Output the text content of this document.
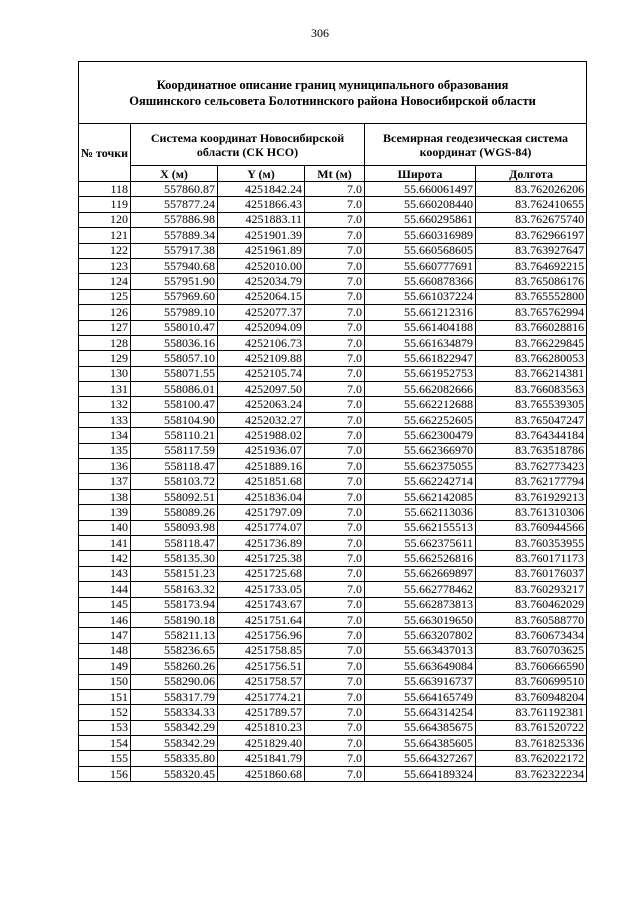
306
Координатное описание границ муниципального образования
Ояшинского сельсовета Болотнинского района Новосибирской области					

№ точки	Система координат Новосибирской области (СК НСО)			Всемирная геодезическая система координат (WGS-84)	
	X (м)	Y (м)	Mt (м)	Широта	Долгота
118	557860.87	4251842.24	7.0	55.660061497	83.762026206
119	557877.24	4251866.43	7.0	55.660208440	83.762410655
120	557886.98	4251883.11	7.0	55.660295861	83.762675740
121	557889.34	4251901.39	7.0	55.660316989	83.762966197
122	557917.38	4251961.89	7.0	55.660568605	83.763927647
123	557940.68	4252010.00	7.0	55.660777691	83.764692215
124	557951.90	4252034.79	7.0	55.660878366	83.765086176
125	557969.60	4252064.15	7.0	55.661037224	83.765552800
126	557989.10	4252077.37	7.0	55.661212316	83.765762994
127	558010.47	4252094.09	7.0	55.661404188	83.766028816
128	558036.16	4252106.73	7.0	55.661634879	83.766229845
129	558057.10	4252109.88	7.0	55.661822947	83.766280053
130	558071.55	4252105.74	7.0	55.661952753	83.766214381
131	558086.01	4252097.50	7.0	55.662082666	83.766083563
132	558100.47	4252063.24	7.0	55.662212688	83.765539305
133	558104.90	4252032.27	7.0	55.662252605	83.765047247
134	558110.21	4251988.02	7.0	55.662300479	83.764344184
135	558117.59	4251936.07	7.0	55.662366970	83.763518786
136	558118.47	4251889.16	7.0	55.662375055	83.762773423
137	558103.72	4251851.68	7.0	55.662242714	83.762177794
138	558092.51	4251836.04	7.0	55.662142085	83.761929213
139	558089.26	4251797.09	7.0	55.662113036	83.761310306
140	558093.98	4251774.07	7.0	55.662155513	83.760944566
141	558118.47	4251736.89	7.0	55.662375611	83.760353955
142	558135.30	4251725.38	7.0	55.662526816	83.760171173
143	558151.23	4251725.68	7.0	55.662669897	83.760176037
144	558163.32	4251733.05	7.0	55.662778462	83.760293217
145	558173.94	4251743.67	7.0	55.662873813	83.760462029
146	558190.18	4251751.64	7.0	55.663019650	83.760588770
147	558211.13	4251756.96	7.0	55.663207802	83.760673434
148	558236.65	4251758.85	7.0	55.663437013	83.760703625
149	558260.26	4251756.51	7.0	55.663649084	83.760666590
150	558290.06	4251758.57	7.0	55.663916737	83.760699510
151	558317.79	4251774.21	7.0	55.664165749	83.760948204
152	558334.33	4251789.57	7.0	55.664314254	83.761192381
153	558342.29	4251810.23	7.0	55.664385675	83.761520722
154	558342.29	4251829.40	7.0	55.664385605	83.761825336
155	558335.80	4251841.79	7.0	55.664327267	83.762022172
156	558320.45	4251860.68	7.0	55.664189324	83.762322234
